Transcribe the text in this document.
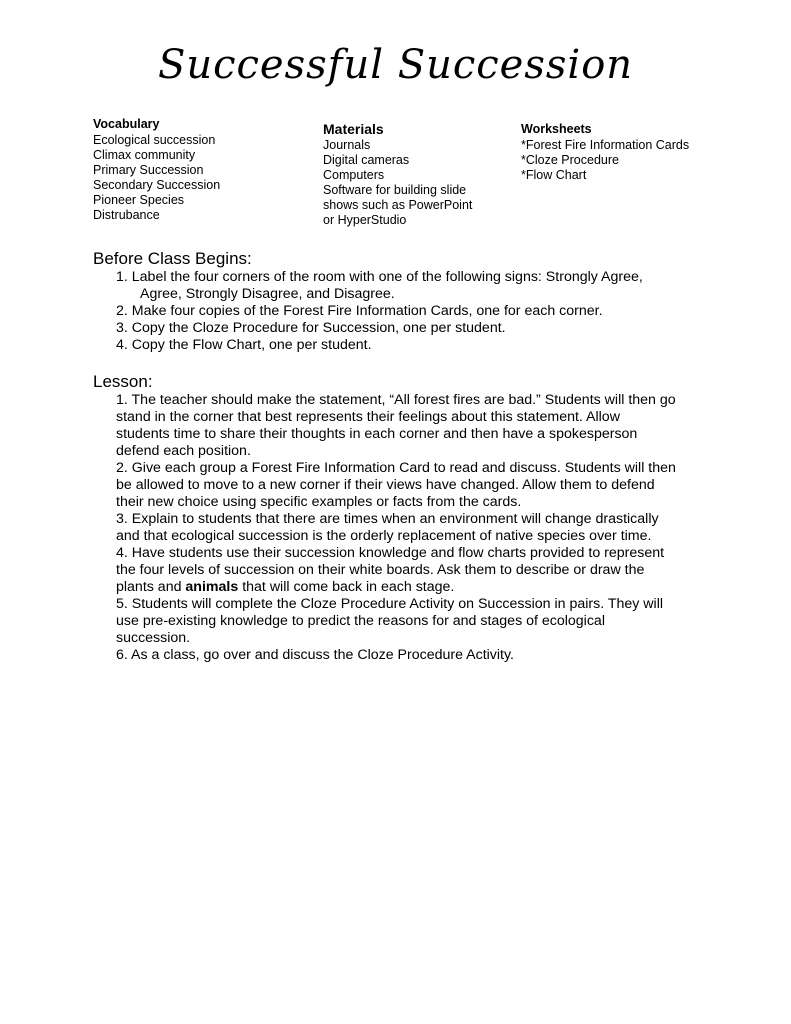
Successful Succession
Vocabulary
Ecological succession
Climax community
Primary Succession
Secondary Succession
Pioneer Species
Distrubance
Materials
Journals
Digital cameras
Computers
Software for building slide shows such as PowerPoint or HyperStudio
Worksheets
*Forest Fire Information Cards
*Cloze Procedure
*Flow Chart
Before Class Begins:
1. Label the four corners of the room with one of the following signs: Strongly Agree, Agree, Strongly Disagree, and Disagree.
2. Make four copies of the Forest Fire Information Cards, one for each corner.
3. Copy the Cloze Procedure for Succession, one per student.
4. Copy the Flow Chart, one per student.
Lesson:
1. The teacher should make the statement, “All forest fires are bad.” Students will then go stand in the corner that best represents their feelings about this statement. Allow students time to share their thoughts in each corner and then have a spokesperson defend each position.
2. Give each group a Forest Fire Information Card to read and discuss. Students will then be allowed to move to a new corner if their views have changed. Allow them to defend their new choice using specific examples or facts from the cards.
3. Explain to students that there are times when an environment will change drastically and that ecological succession is the orderly replacement of native species over time.
4. Have students use their succession knowledge and flow charts provided to represent the four levels of succession on their white boards. Ask them to describe or draw the plants and animals that will come back in each stage.
5. Students will complete the Cloze Procedure Activity on Succession in pairs. They will use pre-existing knowledge to predict the reasons for and stages of ecological succession.
6. As a class, go over and discuss the Cloze Procedure Activity.
